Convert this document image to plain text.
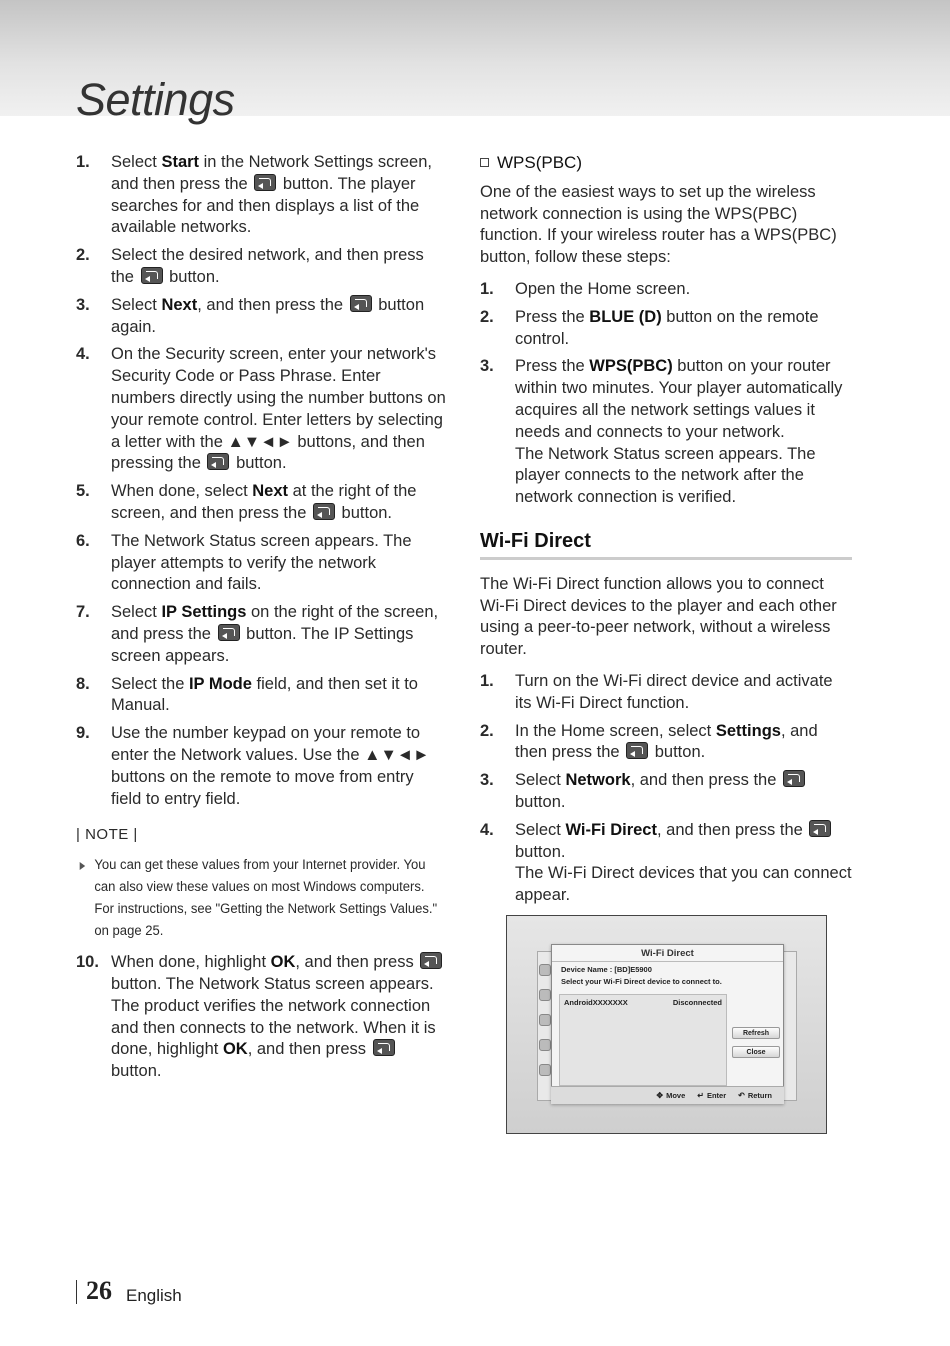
Settings
1. Select Start in the Network Settings screen, and then press the  button. The player searches for and then displays a list of the available networks.
2. Select the desired network, and then press the  button.
3. Select Next, and then press the  button again.
4. On the Security screen, enter your network's Security Code or Pass Phrase. Enter numbers directly using the number buttons on your remote control. Enter letters by selecting a letter with the ▲▼◄► buttons, and then pressing the  button.
5. When done, select Next at the right of the screen, and then press the  button.
6. The Network Status screen appears. The player attempts to verify the network connection and fails.
7. Select IP Settings on the right of the screen, and press the  button. The IP Settings screen appears.
8. Select the IP Mode field, and then set it to Manual.
9. Use the number keypad on your remote to enter the Network values. Use the ▲▼◄► buttons on the remote to move from entry field to entry field.
| NOTE |
You can get these values from your Internet provider. You can also view these values on most Windows computers. For instructions, see "Getting the Network Settings Values." on page 25.
10. When done, highlight OK, and then press  button. The Network Status screen appears. The product verifies the network connection and then connects to the network. When it is done, highlight OK, and then press  button.
WPS(PBC)

One of the easiest ways to set up the wireless network connection is using the WPS(PBC) function. If your wireless router has a WPS(PBC) button, follow these steps:

1. Open the Home screen.
2. Press the BLUE (D) button on the remote control.
3. Press the WPS(PBC) button on your router within two minutes. Your player automatically acquires all the network settings values it needs and connects to your network.
The Network Status screen appears. The player connects to the network after the network connection is verified.
Wi-Fi Direct

The Wi-Fi Direct function allows you to connect Wi-Fi Direct devices to the player and each other using a peer-to-peer network, without a wireless router.

1. Turn on the Wi-Fi direct device and activate its Wi-Fi Direct function.
2. In the Home screen, select Settings, and then press the  button.
3. Select Network, and then press the  button.
4. Select Wi-Fi Direct, and then press the  button.
The Wi-Fi Direct devices that you can connect appear.
Wi-Fi Direct
Device Name : [BD]E5900
Select your Wi-Fi Direct device to connect to.
AndroidXXXXXXX	Disconnected
Refresh
Close
✥ Move ↵ Enter ↶ Return
26 English
